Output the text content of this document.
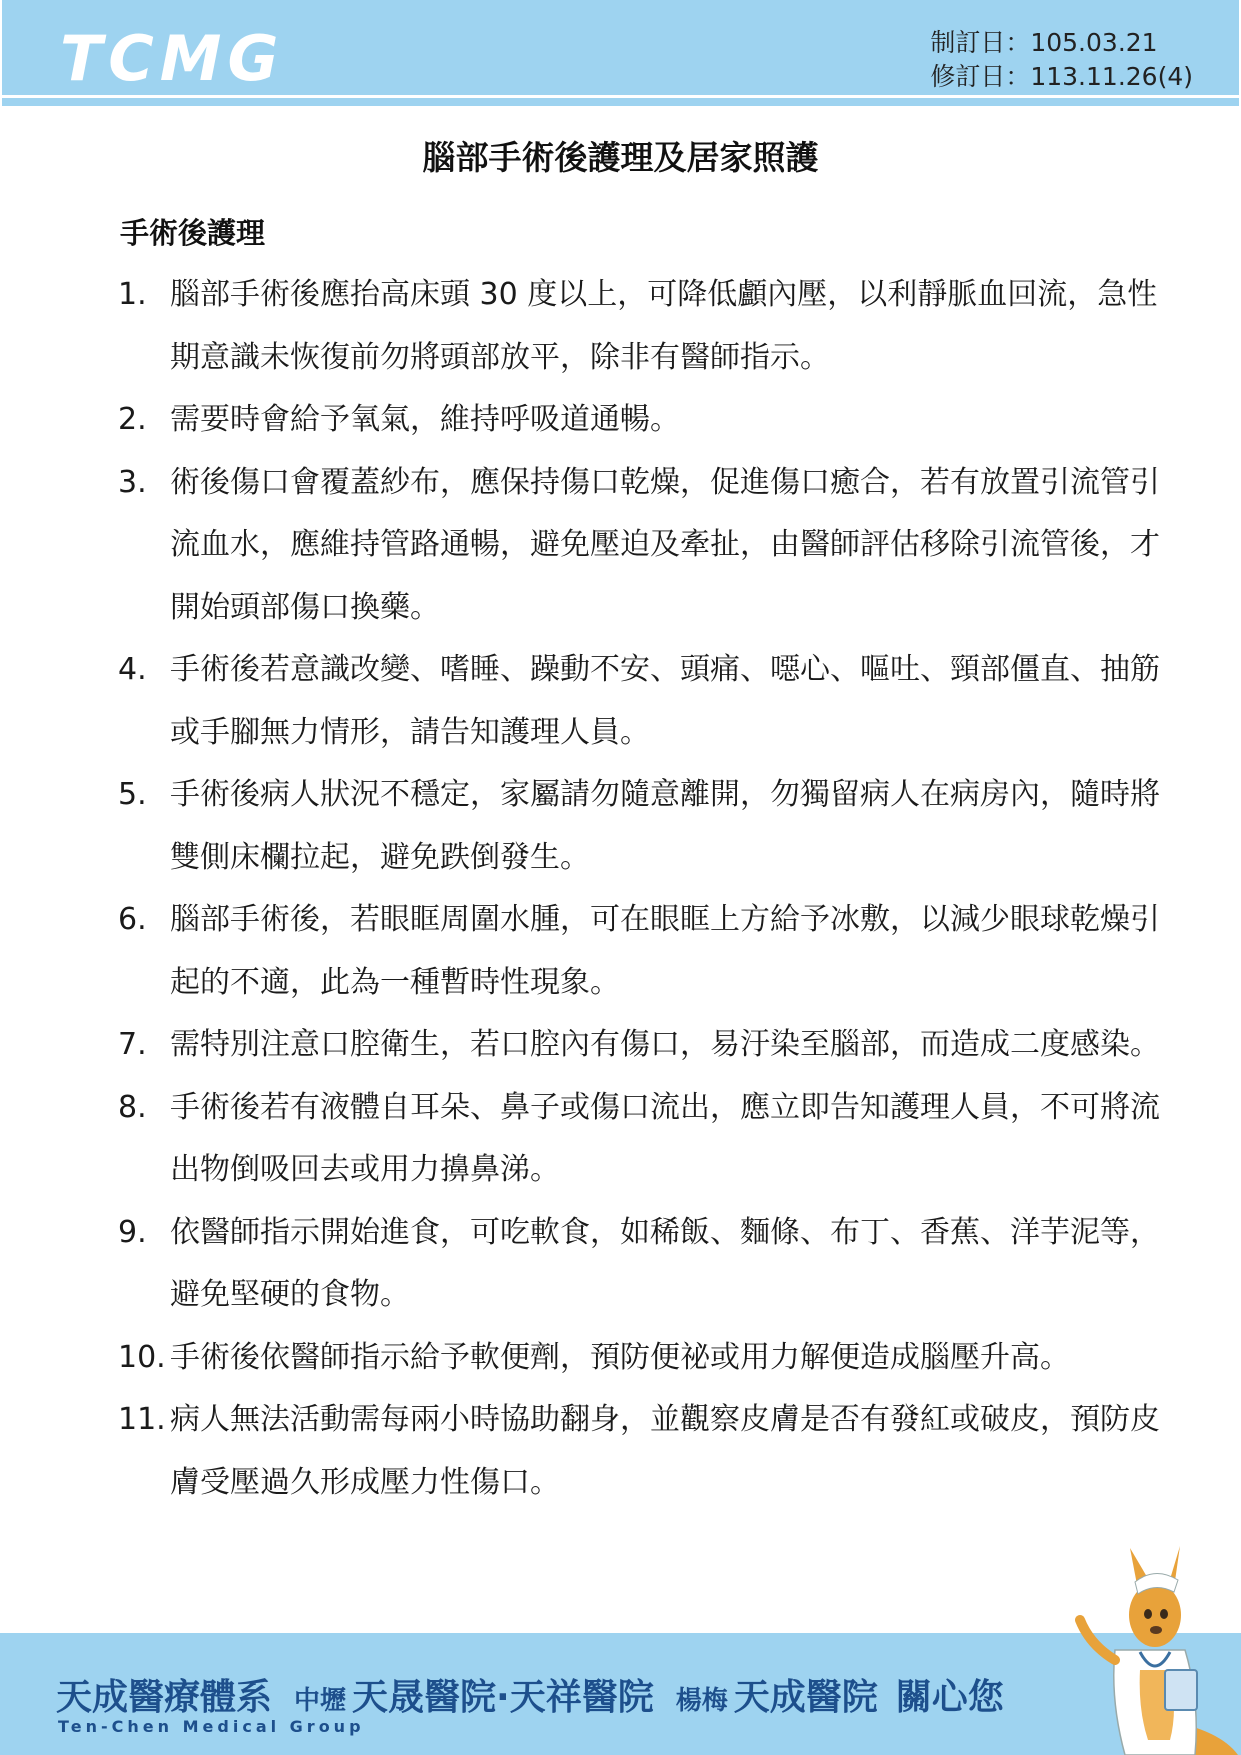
TCMG	制訂日：105.03.21
修訂日：113.11.26(4)
腦部手術後護理及居家照護
手術後護理
1. 腦部手術後應抬高床頭 30 度以上，可降低顱內壓，以利靜脈血回流，急性期意識未恢復前勿將頭部放平，除非有醫師指示。
2. 需要時會給予氧氣，維持呼吸道通暢。
3. 術後傷口會覆蓋紗布，應保持傷口乾燥，促進傷口癒合，若有放置引流管引流血水，應維持管路通暢，避免壓迫及牽扯，由醫師評估移除引流管後，才開始頭部傷口換藥。
4. 手術後若意識改變、嗜睡、躁動不安、頭痛、噁心、嘔吐、頸部僵直、抽筋或手腳無力情形，請告知護理人員。
5. 手術後病人狀況不穩定，家屬請勿隨意離開，勿獨留病人在病房內，隨時將雙側床欄拉起，避免跌倒發生。
6. 腦部手術後，若眼眶周圍水腫，可在眼眶上方給予冰敷，以減少眼球乾燥引起的不適，此為一種暫時性現象。
7. 需特別注意口腔衛生，若口腔內有傷口，易汙染至腦部，而造成二度感染。
8. 手術後若有液體自耳朵、鼻子或傷口流出，應立即告知護理人員，不可將流出物倒吸回去或用力擤鼻涕。
9. 依醫師指示開始進食，可吃軟食，如稀飯、麵條、布丁、香蕉、洋芋泥等，避免堅硬的食物。
10. 手術後依醫師指示給予軟便劑，預防便祕或用力解便造成腦壓升高。
11. 病人無法活動需每兩小時協助翻身，並觀察皮膚是否有發紅或破皮，預防皮膚受壓過久形成壓力性傷口。
天成醫療體系 中壢 天晟醫院·天祥醫院 楊梅 天成醫院 關心您
Ten-Chen Medical Group
